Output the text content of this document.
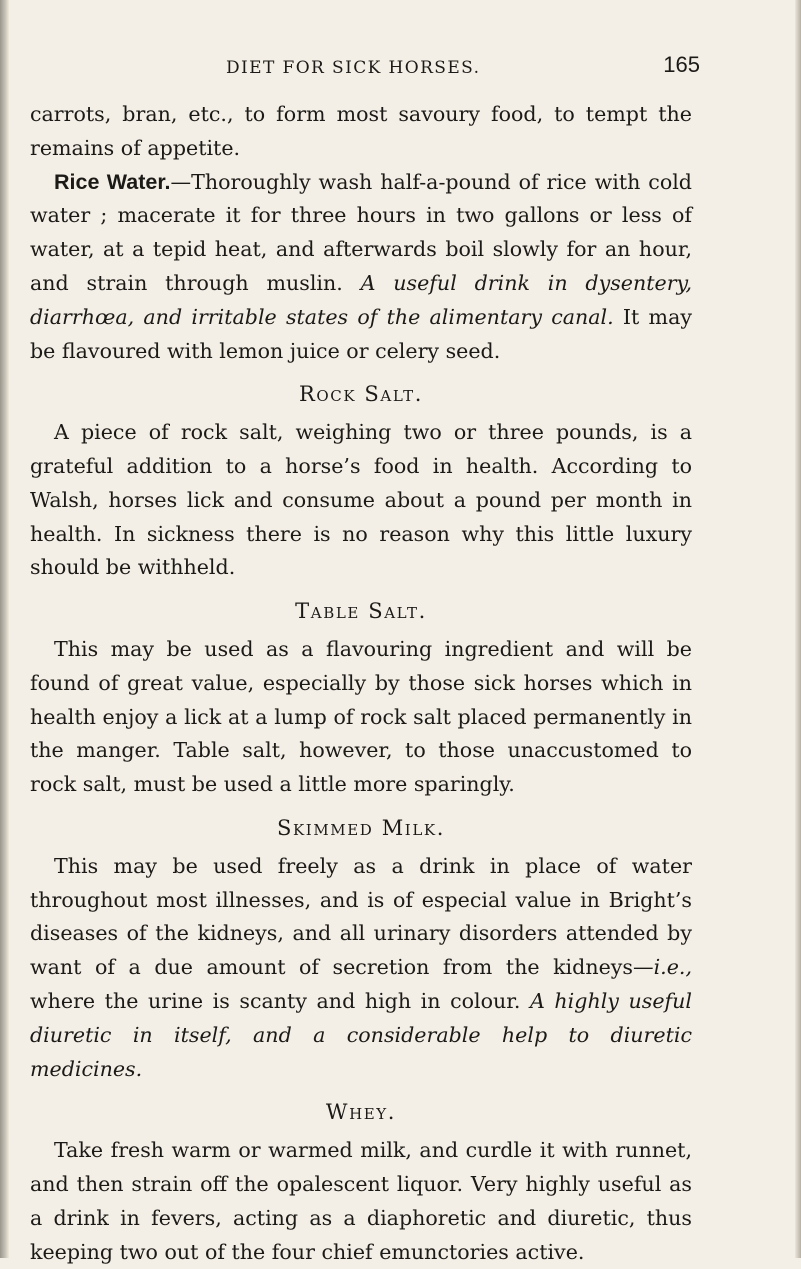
DIET FOR SICK HORSES.	165

carrots, bran, etc., to form most savoury food, to tempt the remains of appetite.

Rice Water.—Thoroughly wash half-a-pound of rice with cold water ; macerate it for three hours in two gallons or less of water, at a tepid heat, and afterwards boil slowly for an hour, and strain through muslin. A useful drink in dysentery, diarrhœa, and irritable states of the alimentary canal. It may be flavoured with lemon juice or celery seed.

Rock Salt.

A piece of rock salt, weighing two or three pounds, is a grateful addition to a horse’s food in health. According to Walsh, horses lick and consume about a pound per month in health. In sickness there is no reason why this little luxury should be withheld.

Table Salt.

This may be used as a flavouring ingredient and will be found of great value, especially by those sick horses which in health enjoy a lick at a lump of rock salt placed permanently in the manger. Table salt, however, to those unaccustomed to rock salt, must be used a little more sparingly.

Skimmed Milk.

This may be used freely as a drink in place of water throughout most illnesses, and is of especial value in Bright’s diseases of the kidneys, and all urinary disorders attended by want of a due amount of secretion from the kidneys—i.e., where the urine is scanty and high in colour. A highly useful diuretic in itself, and a considerable help to diuretic medicines.

Whey.

Take fresh warm or warmed milk, and curdle it with runnet, and then strain off the opalescent liquor. Very highly useful as a drink in fevers, acting as a diaphoretic and diuretic, thus keeping two out of the four chief emunctories active.
